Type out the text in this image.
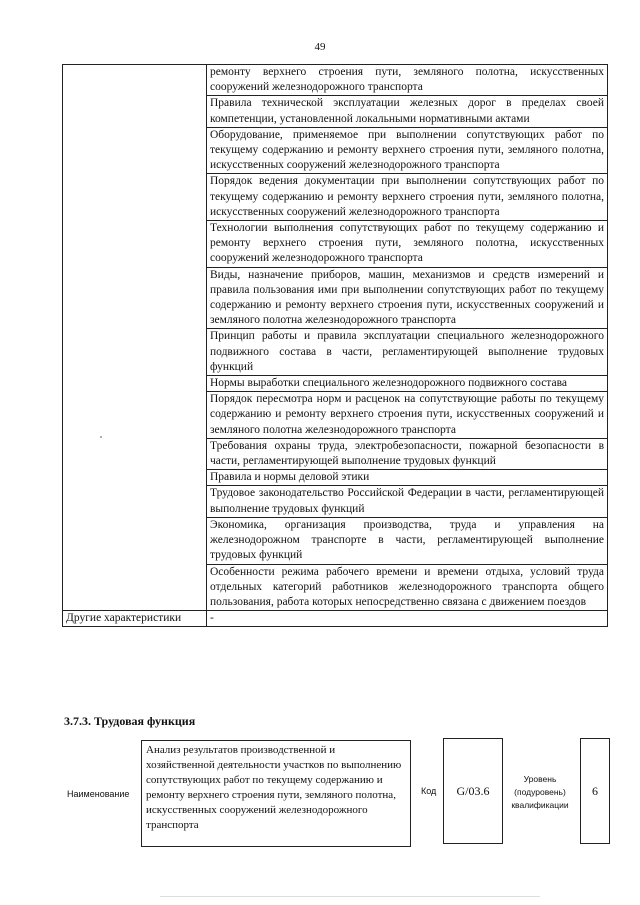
49
	ремонту верхнего строения пути, земляного полотна, искусственных сооружений железнодорожного транспорта
	Правила технической эксплуатации железных дорог в пределах своей компетенции, установленной локальными нормативными актами
	Оборудование, применяемое при выполнении сопутствующих работ по текущему содержанию и ремонту верхнего строения пути, земляного полотна, искусственных сооружений железнодорожного транспорта
	Порядок ведения документации при выполнении сопутствующих работ по текущему содержанию и ремонту верхнего строения пути, земляного полотна, искусственных сооружений железнодорожного транспорта
	Технологии выполнения сопутствующих работ по текущему содержанию и ремонту верхнего строения пути, земляного полотна, искусственных сооружений железнодорожного транспорта
	Виды, назначение приборов, машин, механизмов и средств измерений и правила пользования ими при выполнении сопутствующих работ по текущему содержанию и ремонту верхнего строения пути, искусственных сооружений и земляного полотна железнодорожного транспорта
	Принцип работы и правила эксплуатации специального железнодорожного подвижного состава в части, регламентирующей выполнение трудовых функций
	Нормы выработки специального железнодорожного подвижного состава
	Порядок пересмотра норм и расценок на сопутствующие работы по текущему содержанию и ремонту верхнего строения пути, искусственных сооружений и земляного полотна железнодорожного транспорта
	Требования охраны труда, электробезопасности, пожарной безопасности в части, регламентирующей выполнение трудовых функций
	Правила и нормы деловой этики
	Трудовое законодательство Российской Федерации в части, регламентирующей выполнение трудовых функций
	Экономика, организация производства, труда и управления на железнодорожном транспорте в части, регламентирующей выполнение трудовых функций
	Особенности режима рабочего времени и времени отдыха, условий труда отдельных категорий работников железнодорожного транспорта общего пользования, работа которых непосредственно связана с движением поездов
Другие характеристики	-
3.7.3. Трудовая функция
Наименование
Анализ результатов производственной и хозяйственной деятельности участков по выполнению сопутствующих работ по текущему содержанию и ремонту верхнего строения пути, земляного полотна, искусственных сооружений железнодорожного транспорта
Код G/03.6
Уровень (подуровень) квалификации
6
